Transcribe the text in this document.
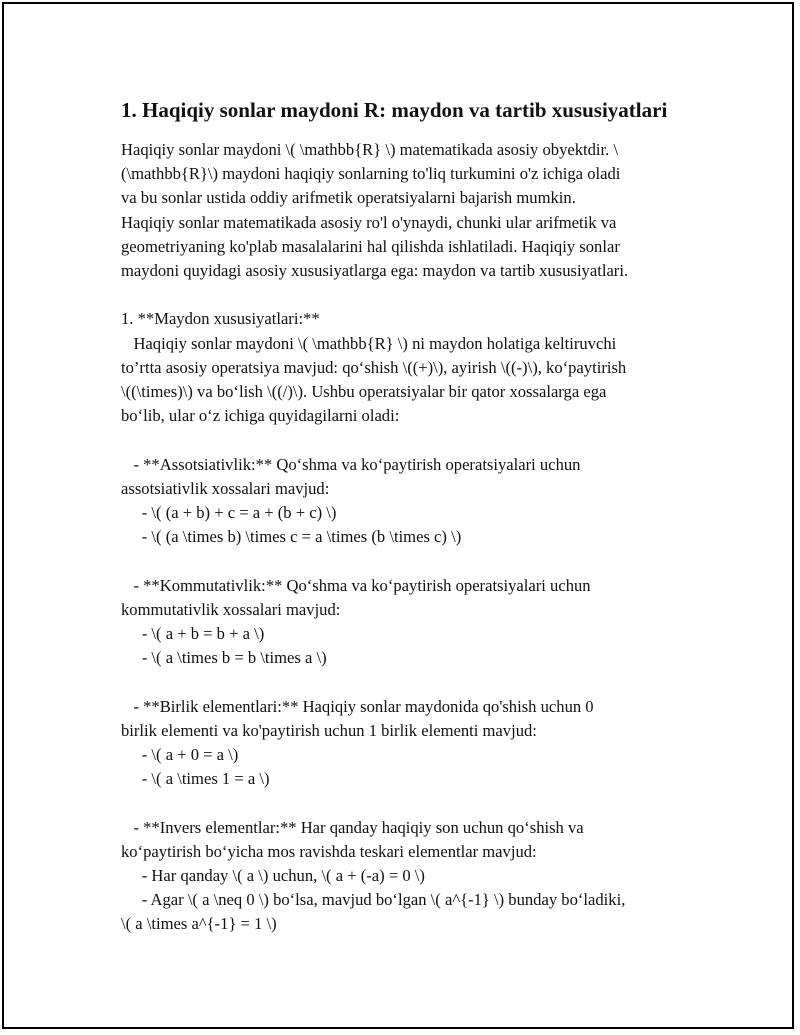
1. Haqiqiy sonlar maydoni R: maydon va tartib xususiyatlari
Haqiqiy sonlar maydoni \( \mathbb{R} \) matematikada asosiy obyektdir. \
(\mathbb{R}\) maydoni haqiqiy sonlarning to'liq turkumini o'z ichiga oladi
va bu sonlar ustida oddiy arifmetik operatsiyalarni bajarish mumkin.
Haqiqiy sonlar matematikada asosiy ro'l o'ynaydi, chunki ular arifmetik va
geometriyaning ko'plab masalalarini hal qilishda ishlatiladi. Haqiqiy sonlar
maydoni quyidagi asosiy xususiyatlarga ega: maydon va tartib xususiyatlari.
1. **Maydon xususiyatlari:**
Haqiqiy sonlar maydoni \( \mathbb{R} \) ni maydon holatiga keltiruvchi
to’rtta asosiy operatsiya mavjud: qo‘shish \((+)\), ayirish \((-)\), ko‘paytirish
\((\times)\) va bo‘lish \((/)\). Ushbu operatsiyalar bir qator xossalarga ega
bo‘lib, ular o‘z ichiga quyidagilarni oladi:
- **Assotsiativlik:** Qo‘shma va ko‘paytirish operatsiyalari uchun
assotsiativlik xossalari mavjud:
- \( (a + b) + c = a + (b + c) \)
- \( (a \times b) \times c = a \times (b \times c) \)
- **Kommutativlik:** Qo‘shma va ko‘paytirish operatsiyalari uchun
kommutativlik xossalari mavjud:
- \( a + b = b + a \)
- \( a \times b = b \times a \)
- **Birlik elementlari:** Haqiqiy sonlar maydonida qo'shish uchun 0
birlik elementi va ko'paytirish uchun 1 birlik elementi mavjud:
- \( a + 0 = a \)
- \( a \times 1 = a \)
- **Invers elementlar:** Har qanday haqiqiy son uchun qo‘shish va
ko‘paytirish bo‘yicha mos ravishda teskari elementlar mavjud:
- Har qanday \( a \) uchun, \( a + (-a) = 0 \)
- Agar \( a \neq 0 \) bo‘lsa, mavjud bo‘lgan \( a^{-1} \) bunday bo‘ladiki,
\( a \times a^{-1} = 1 \)
